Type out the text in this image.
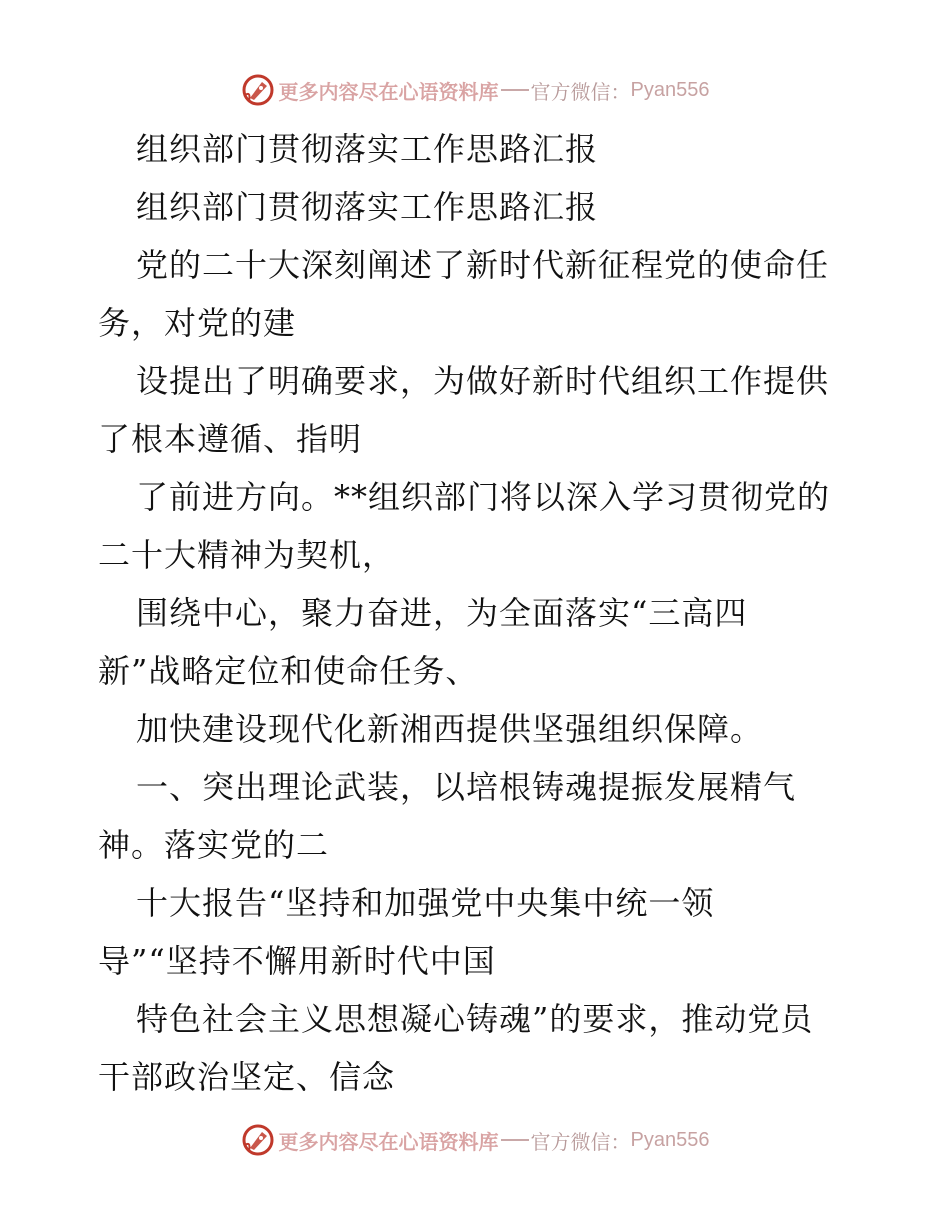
更多内容尽在心语资料库 官方微信： Pyan556
组织部门贯彻落实工作思路汇报
组织部门贯彻落实工作思路汇报
党的二十大深刻阐述了新时代新征程党的使命任
务，对党的建
设提出了明确要求，为做好新时代组织工作提供
了根本遵循、指明
了前进方向。**组织部门将以深入学习贯彻党的
二十大精神为契机，
围绕中心，聚力奋进，为全面落实“三高四
新”战略定位和使命任务、
加快建设现代化新湘西提供坚强组织保障。
一、突出理论武装，以培根铸魂提振发展精气
神。落实党的二
十大报告“坚持和加强党中央集中统一领
导”“坚持不懈用新时代中国
特色社会主义思想凝心铸魂”的要求，推动党员
干部政治坚定、信念
更多内容尽在心语资料库 官方微信： Pyan556
